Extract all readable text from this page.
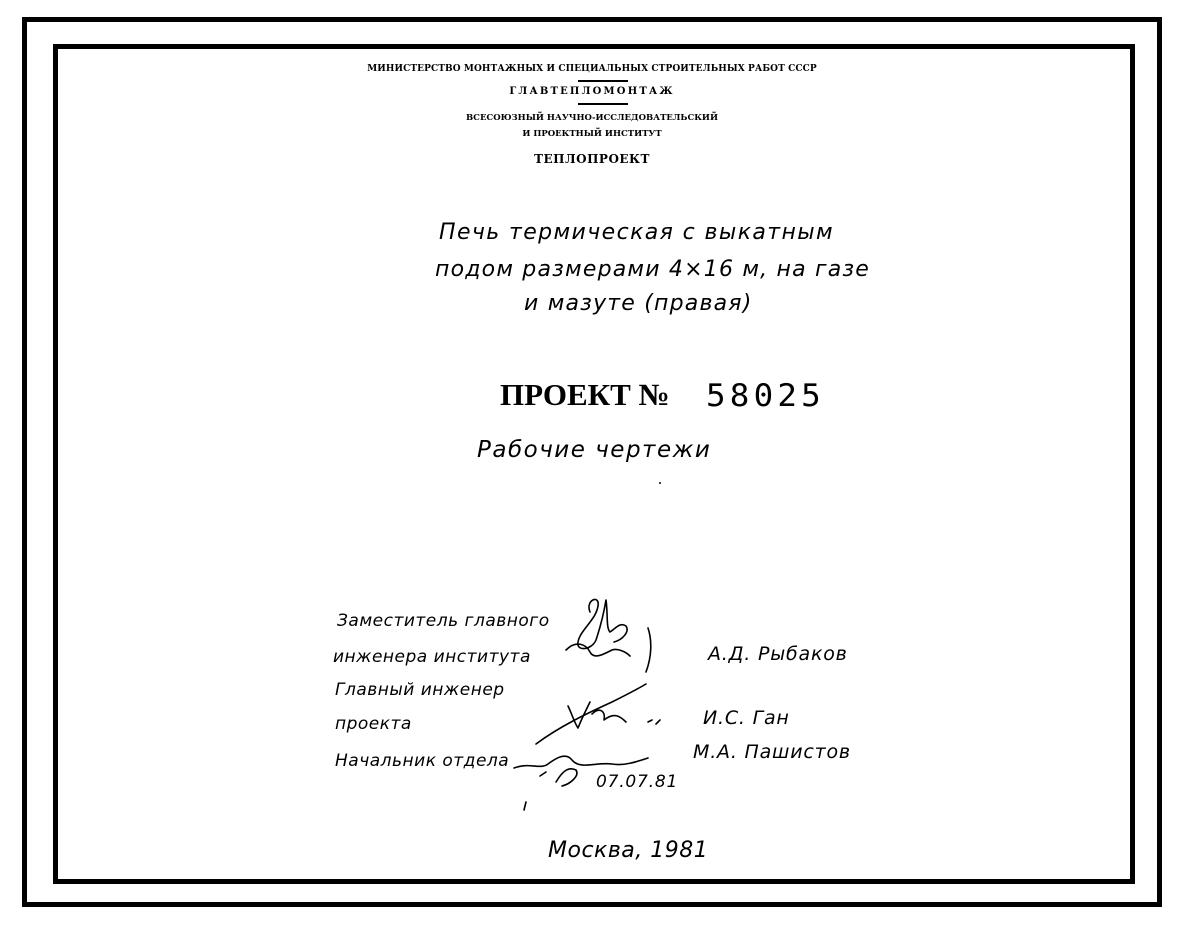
МИНИСТЕРСТВО МОНТАЖНЫХ И СПЕЦИАЛЬНЫХ СТРОИТЕЛЬНЫХ РАБОТ СССР
ГЛАВТЕПЛОМОНТАЖ
ВСЕСОЮЗНЫЙ НАУЧНО-ИССЛЕДОВАТЕЛЬСКИЙ
И ПРОЕКТНЫЙ ИНСТИТУТ
ТЕПЛОПРОЕКТ
Печь термическая с выкатным
подом размерами 4×16 м, на газе
и мазуте (правая)
ПРОЕКТ № 58025
Рабочие чертежи
Заместитель главного
инженера института	А.Д. Рыбаков
Главный инженер
проекта	И.С. Ган
Начальник отдела	М.А. Пашистов
07.07.81
Москва, 1981
